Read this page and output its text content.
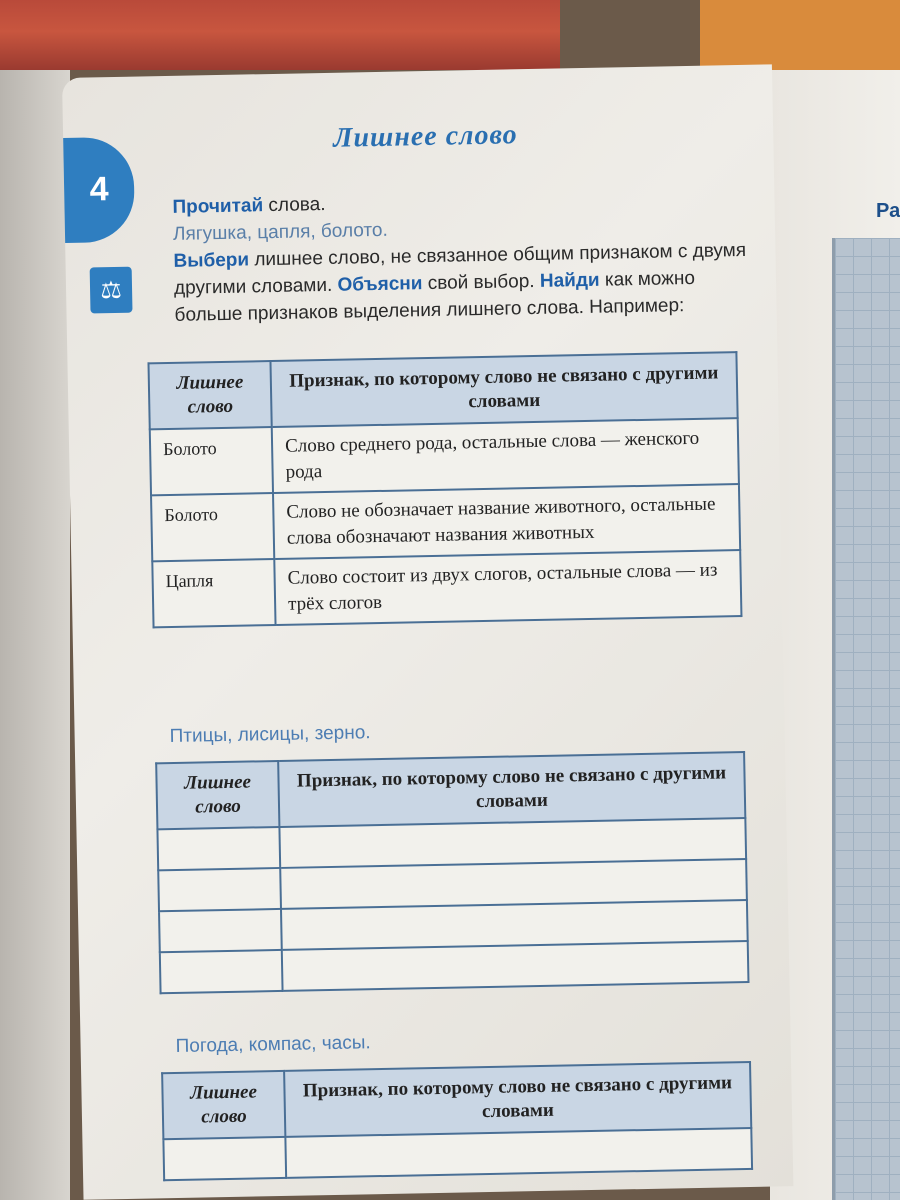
Ра
4
⚖
Лишнее слово
Прочитай слова.
Лягушка, цапля, болото.
Выбери лишнее слово, не связанное общим признаком с двумя другими словами. Объясни свой выбор. Найди как можно больше признаков выделения лишнего слова. Например:
Лишнее слово	Признак, по которому слово не связано с другими словами
Болото	Слово среднего рода, остальные слова — женского рода
Болото	Слово не обозначает название животного, остальные слова обозначают названия животных
Цапля	Слово состоит из двух слогов, остальные слова — из трёх слогов
Птицы, лисицы, зерно.
Лишнее слово	Признак, по которому слово не связано с другими словами

Погода, компас, часы.
Лишнее слово	Признак, по которому слово не связано с другими словами
